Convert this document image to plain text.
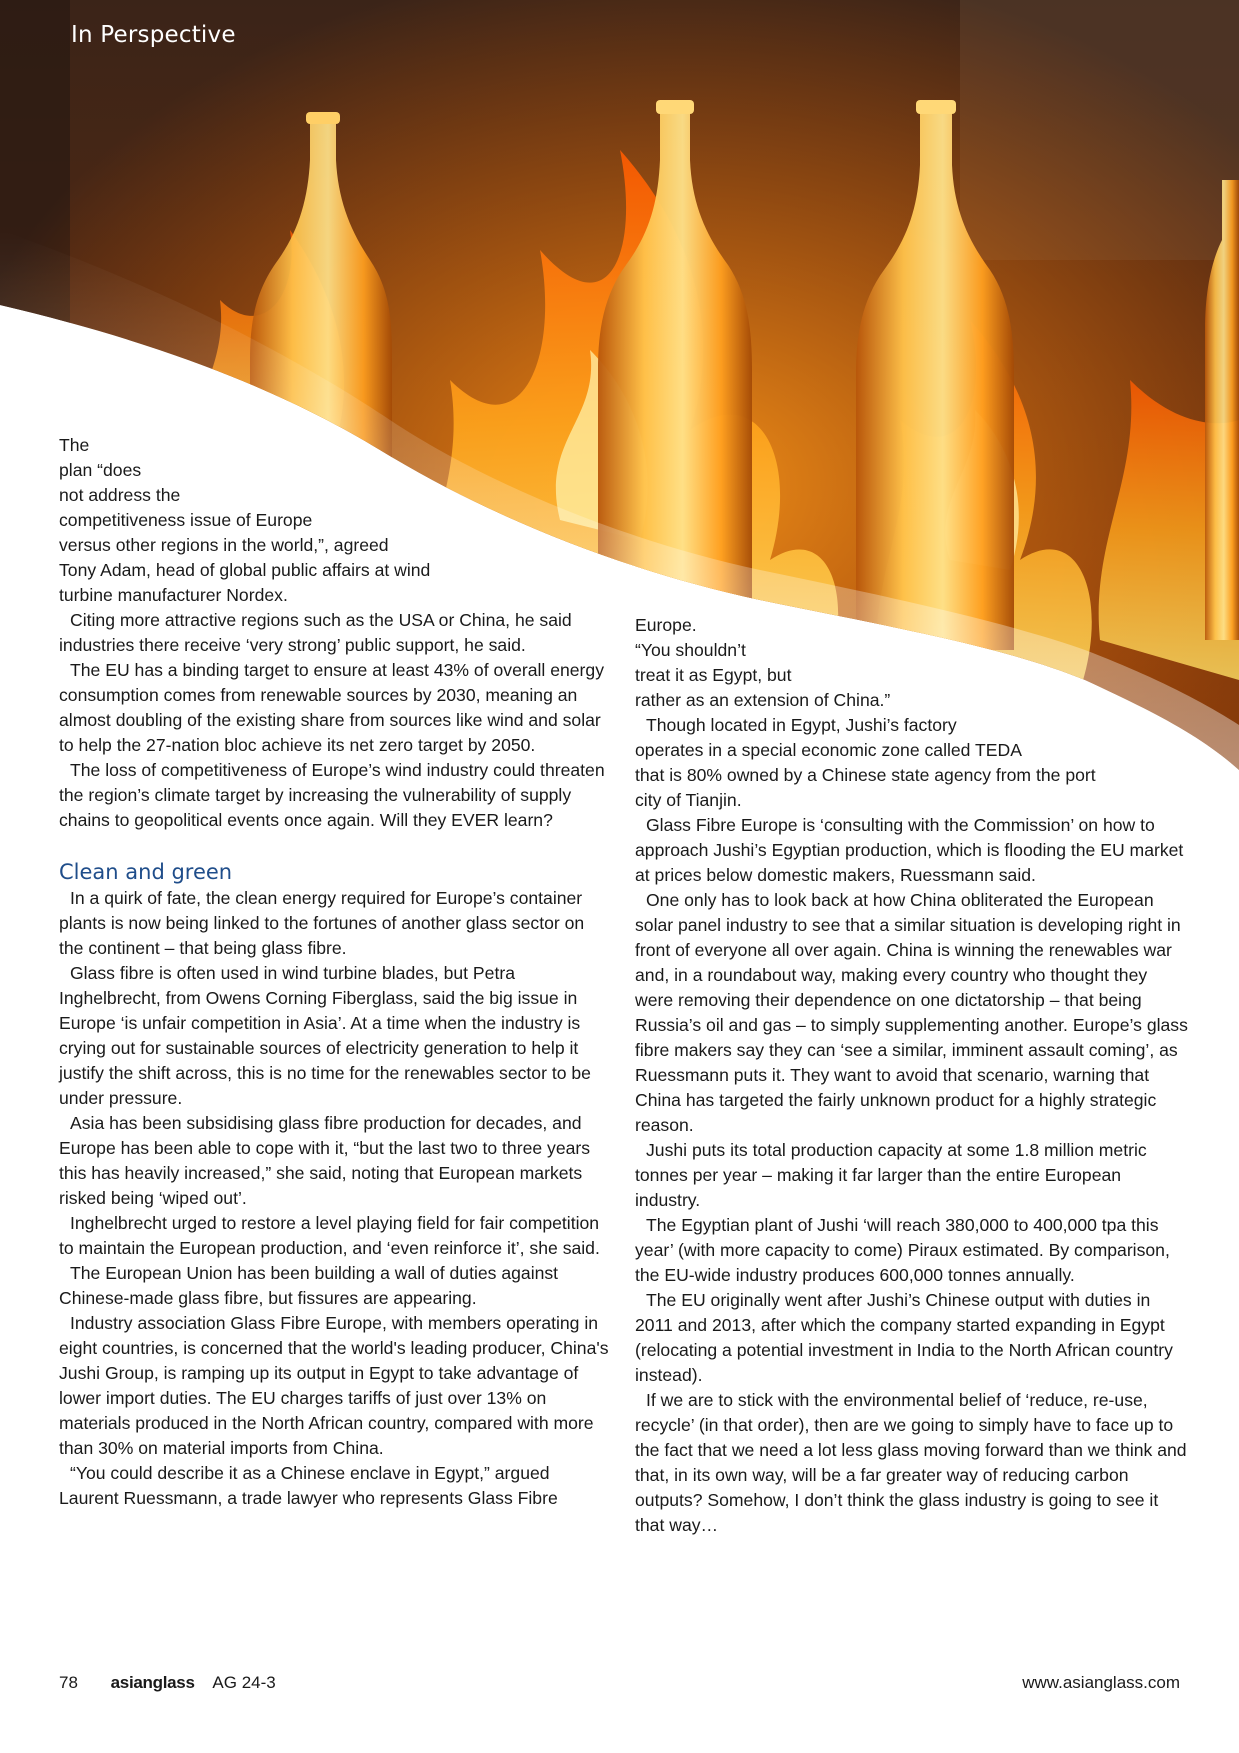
In Perspective
The
plan “does
not address the
competitiveness issue of Europe
versus other regions in the world,”, agreed
Tony Adam, head of global public affairs at wind
turbine manufacturer Nordex.

Citing more attractive regions such as the USA or China, he said industries there receive ‘very strong’ public support, he said.

The EU has a binding target to ensure at least 43% of overall energy consumption comes from renewable sources by 2030, meaning an almost doubling of the existing share from sources like wind and solar to help the 27-nation bloc achieve its net zero target by 2050.

The loss of competitiveness of Europe’s wind industry could threaten the region’s climate target by increasing the vulnerability of supply chains to geopolitical events once again. Will they EVER learn?

Clean and green

In a quirk of fate, the clean energy required for Europe’s container plants is now being linked to the fortunes of another glass sector on the continent – that being glass fibre.

Glass fibre is often used in wind turbine blades, but Petra Inghelbrecht, from Owens Corning Fiberglass, said the big issue in Europe ‘is unfair competition in Asia’. At a time when the industry is crying out for sustainable sources of electricity generation to help it justify the shift across, this is no time for the renewables sector to be under pressure.

Asia has been subsidising glass fibre production for decades, and Europe has been able to cope with it, “but the last two to three years this has heavily increased,” she said, noting that European markets risked being ‘wiped out’.

Inghelbrecht urged to restore a level playing field for fair competition to maintain the European production, and ‘even reinforce it’, she said.

The European Union has been building a wall of duties against Chinese-made glass fibre, but fissures are appearing.

Industry association Glass Fibre Europe, with members operating in eight countries, is concerned that the world's leading producer, China's Jushi Group, is ramping up its output in Egypt to take advantage of lower import duties. The EU charges tariffs of just over 13% on materials produced in the North African country, compared with more than 30% on material imports from China.

“You could describe it as a Chinese enclave in Egypt,” argued Laurent Ruessmann, a trade lawyer who represents Glass Fibre

Europe.
“You shouldn’t
treat it as Egypt, but
rather as an extension of China.”
Though located in Egypt, Jushi’s factory
operates in a special economic zone called TEDA
that is 80% owned by a Chinese state agency from the port
city of Tianjin.

Glass Fibre Europe is ‘consulting with the Commission’ on how to approach Jushi’s Egyptian production, which is flooding the EU market at prices below domestic makers, Ruessmann said.

One only has to look back at how China obliterated the European solar panel industry to see that a similar situation is developing right in front of everyone all over again. China is winning the renewables war and, in a roundabout way, making every country who thought they were removing their dependence on one dictatorship – that being Russia’s oil and gas – to simply supplementing another. Europe’s glass fibre makers say they can ‘see a similar, imminent assault coming’, as Ruessmann puts it. They want to avoid that scenario, warning that China has targeted the fairly unknown product for a highly strategic reason.

Jushi puts its total production capacity at some 1.8 million metric tonnes per year – making it far larger than the entire European industry.

The Egyptian plant of Jushi ‘will reach 380,000 to 400,000 tpa this year’ (with more capacity to come) Piraux estimated. By comparison, the EU-wide industry produces 600,000 tonnes annually.

The EU originally went after Jushi’s Chinese output with duties in 2011 and 2013, after which the company started expanding in Egypt (relocating a potential investment in India to the North African country instead).

If we are to stick with the environmental belief of ‘reduce, re-use, recycle’ (in that order), then are we going to simply have to face up to the fact that we need a lot less glass moving forward than we think and that, in its own way, will be a far greater way of reducing carbon outputs? Somehow, I don’t think the glass industry is going to see it that way…

78 asianglass AG 24-3	www.asianglass.com
